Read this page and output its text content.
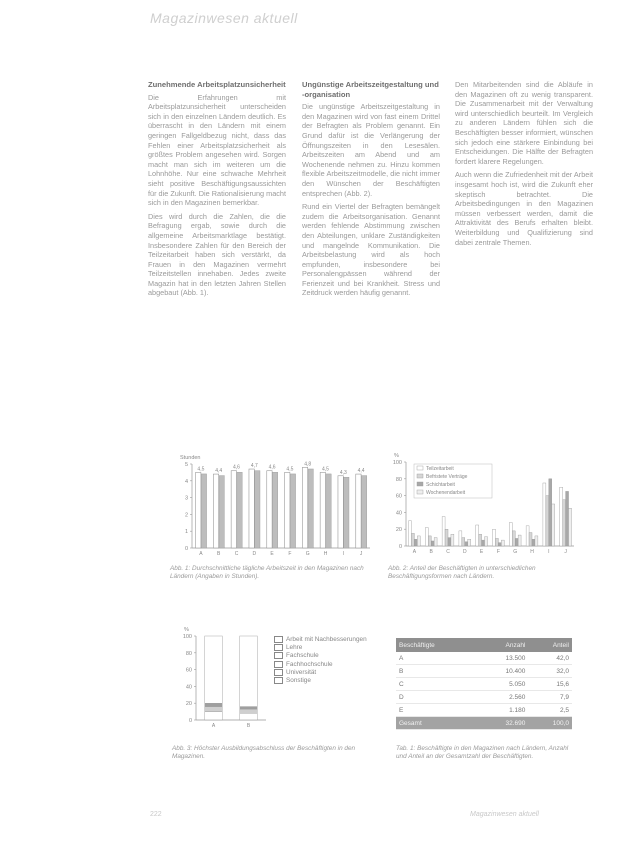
Magazinwesen aktuell
Zunehmende Arbeitsplatzunsicherheit

Die Erfahrungen mit Arbeitsplatzunsicherheit unterscheiden sich in den einzelnen Ländern deutlich. Es überrascht in den Ländern mit einem geringen Fallgeldbezug nicht, dass das Fehlen einer Arbeitsplatzsicherheit als größtes Problem angesehen wird. Sorgen macht man sich im weiteren um die Lohnhöhe. Nur eine schwache Mehrheit sieht positive Beschäftigungsaussichten für die Zukunft. Die Rationalisierung macht sich in den Magazinen bemerkbar.

Dies wird durch die Zahlen, die die Befragung ergab, sowie durch die allgemeine Arbeitsmarktlage bestätigt. Insbesondere Zahlen für den Bereich der Teilzeitarbeit haben sich verstärkt, da Frauen in den Magazinen vermehrt Teilzeitstellen innehaben. Jedes zweite Magazin hat in den letzten Jahren Stellen abgebaut (Abb. 1).

Ungünstige Arbeitszeitgestaltung und -organisation

Die ungünstige Arbeitszeitgestaltung in den Magazinen wird von fast einem Drittel der Befragten als Problem genannt. Ein Grund dafür ist die Verlängerung der Öffnungszeiten in den Lesesälen. Arbeitszeiten am Abend und am Wochenende nehmen zu. Hinzu kommen flexible Arbeitszeitmodelle, die nicht immer den Wünschen der Beschäftigten entsprechen (Abb. 2).

Rund ein Viertel der Befragten bemängelt zudem die Arbeitsorganisation. Genannt werden fehlende Abstimmung zwischen den Abteilungen, unklare Zuständigkeiten und mangelnde Kommunikation. Die Arbeitsbelastung wird als hoch empfunden, insbesondere bei Personalengpässen während der Ferienzeit und bei Krankheit. Stress und Zeitdruck werden häufig genannt.

Den Mitarbeitenden sind die Abläufe in den Magazinen oft zu wenig transparent. Die Zusammenarbeit mit der Verwaltung wird unterschiedlich beurteilt. Im Vergleich zu anderen Ländern fühlen sich die Beschäftigten besser informiert, wünschen sich jedoch eine stärkere Einbindung bei Entscheidungen. Die Hälfte der Befragten fordert klarere Regelungen.

Auch wenn die Zufriedenheit mit der Arbeit insgesamt hoch ist, wird die Zukunft eher skeptisch betrachtet. Die Arbeitsbedingungen in den Magazinen müssen verbessert werden, damit die Attraktivität des Berufs erhalten bleibt. Weiterbildung und Qualifizierung sind dabei zentrale Themen.

0
1
2
3
4
5
Stunden
4,5
A
4,4
B
4,6
C
4,7
D
4,6
E
4,5
F
4,8
G
4,5
H
4,3
I
4,4
J
Abb. 1: Durchschnittliche tägliche Arbeitszeit in den Magazinen nach Ländern (Angaben in Stunden).
0
20
40
60
80
100
%
A	B	C	D	E	F	G	H	I	J
Teilzeitarbeit
Befristete Verträge
Schichtarbeit
Wochenendarbeit
Abb. 2: Anteil der Beschäftigten in unterschiedlichen Beschäftigungsformen nach Ländern.
0
20
40
60
80
100
%
A	B
Arbeit mit Nachbesserungen
Lehre
Fachschule
Fachhochschule
Universität
Sonstige
Abb. 3: Höchster Ausbildungsabschluss der Beschäftigten in den Magazinen.
Beschäftigte	Anzahl	Anteil
A	13.500	42,0
B	10.400	32,0
C	5.050	15,6
D	2.560	7,9
E	1.180	2,5
Gesamt	32.690	100,0
Tab. 1: Beschäftigte in den Magazinen nach Ländern, Anzahl und Anteil an der Gesamtzahl der Beschäftigten.
222	Magazinwesen aktuell
